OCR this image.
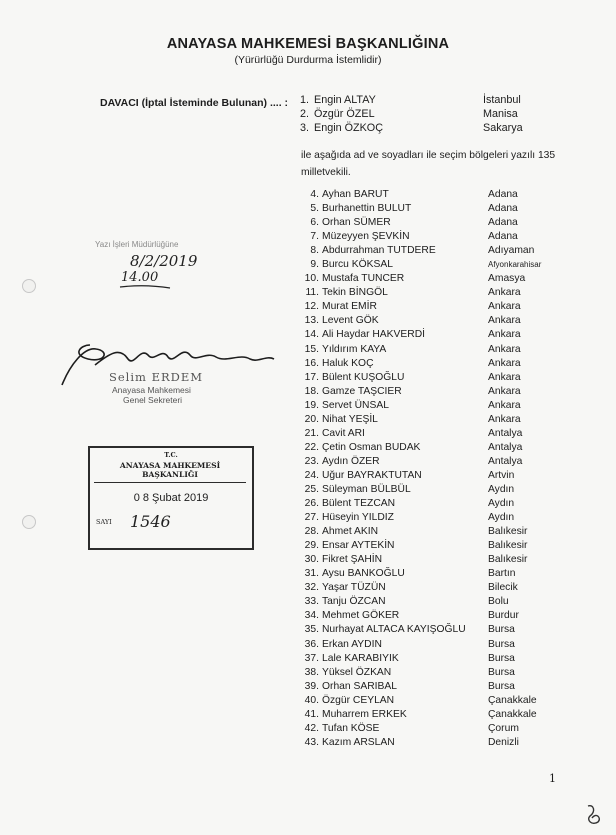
ANAYASA MAHKEMESİ BAŞKANLIĞINA
(Yürürlüğü Durdurma İstemlidir)
DAVACI (İptal İsteminde Bulunan) .... : 1. Engin ALTAY	İstanbul
2. Özgür ÖZEL	Manisa
3. Engin ÖZKOÇ	Sakarya
ile aşağıda ad ve soyadları ile seçim bölgeleri yazılı 135 milletvekili.
4. Ayhan BARUT	Adana
5. Burhanettin BULUT	Adana
6. Orhan SÜMER	Adana
7. Müzeyyen ŞEVKİN	Adana
8. Abdurrahman TUTDERE	Adıyaman
9. Burcu KÖKSAL	Afyonkarahisar
10. Mustafa TUNCER	Amasya
11. Tekin BİNGÖL	Ankara
12. Murat EMİR	Ankara
13. Levent GÖK	Ankara
14. Ali Haydar HAKVERDİ	Ankara
15. Yıldırım KAYA	Ankara
16. Haluk KOÇ	Ankara
17. Bülent KUŞOĞLU	Ankara
18. Gamze TAŞCIER	Ankara
19. Servet ÜNSAL	Ankara
20. Nihat YEŞİL	Ankara
21. Cavit ARI	Antalya
22. Çetin Osman BUDAK	Antalya
23. Aydın ÖZER	Antalya
24. Uğur BAYRAKTUTAN	Artvin
25. Süleyman BÜLBÜL	Aydın
26. Bülent TEZCAN	Aydın
27. Hüseyin YILDIZ	Aydın
28. Ahmet AKIN	Balıkesir
29. Ensar AYTEKİN	Balıkesir
30. Fikret ŞAHİN	Balıkesir
31. Aysu BANKOĞLU	Bartın
32. Yaşar TÜZÜN	Bilecik
33. Tanju ÖZCAN	Bolu
34. Mehmet GÖKER	Burdur
35. Nurhayat ALTACA KAYIŞOĞLU	Bursa
36. Erkan AYDIN	Bursa
37. Lale KARABIYIK	Bursa
38. Yüksel ÖZKAN	Bursa
39. Orhan SARIBAL	Bursa
40. Özgür CEYLAN	Çanakkale
41. Muharrem ERKEK	Çanakkale
42. Tufan KÖSE	Çorum
43. Kazım ARSLAN	Denizli
Yazı İşleri Müdürlüğüne
8/2/2019
14.00
Selim ERDEM
Anayasa Mahkemesi
Genel Sekreteri
T.C.
ANAYASA MAHKEMESİ BAŞKANLIĞI
0 8 Şubat 2019
SAYI 1546
1
